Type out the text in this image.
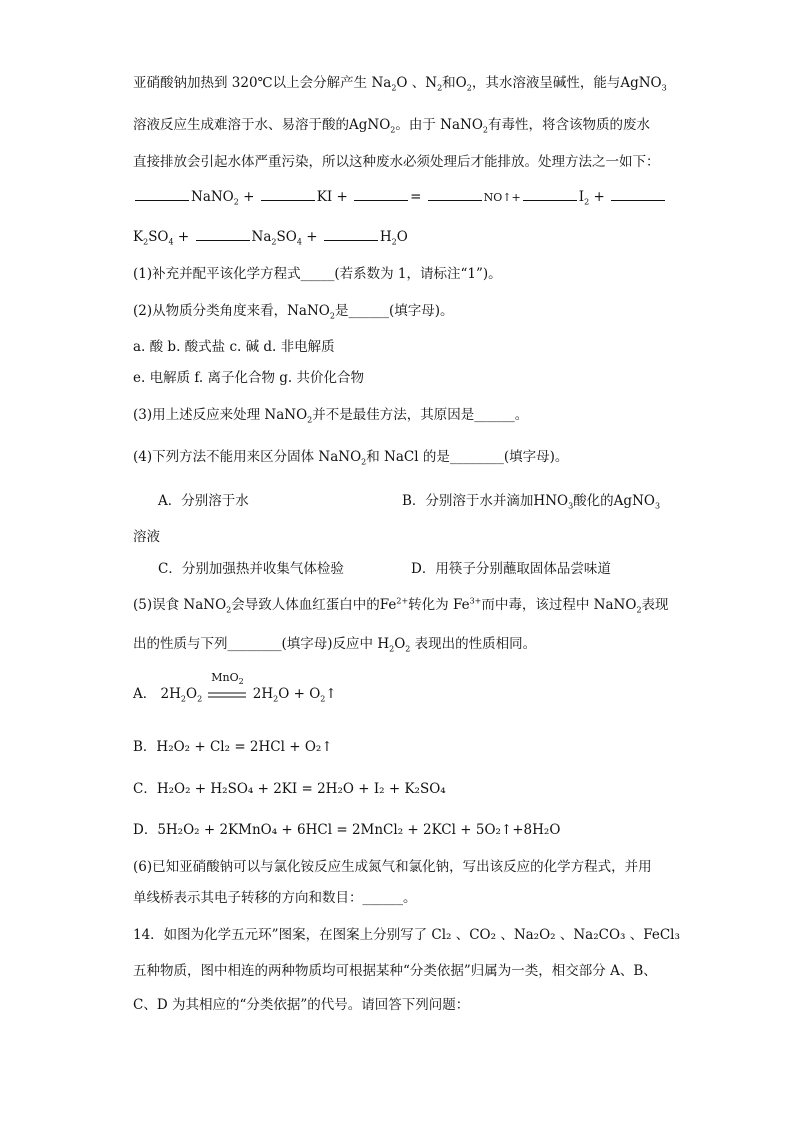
亚硝酸钠加热到 320℃以上会分解产生 $Na_2O$ 、$N_2$和$O_2$，其水溶液呈碱性，能与AgNO$_3$
溶液反应生成难溶于水、易溶于酸的AgNO$_2$。由于 NaNO$_2$有毒性，将含该物质的废水
直接排放会引起水体严重污染，所以这种废水必须处理后才能排放。处理方法之一如下：
NaNO$_2$ +	KI +	=	NO↑+	$I_2$ +
$K_2SO_4$ +	$Na_2SO_4$ +	$H_2O$
(1)补充并配平该化学方程式_____(若系数为 1，请标注“1”)。
(2)从物质分类角度来看，NaNO$_2$是______(填字母)。
a. 酸 b. 酸式盐 c. 碱 d. 非电解质
e. 电解质 f. 离子化合物 g. 共价化合物
(3)用上述反应来处理 NaNO$_2$并不是最佳方法，其原因是______。
(4)下列方法不能用来区分固体 NaNO$_2$和 NaCl 的是________(填字母)。
A．分别溶于水	B．分别溶于水并滴加$HNO_3$酸化的AgNO$_3$
溶液
C．分别加强热并收集气体检验	D．用筷子分别蘸取固体品尝味道
(5)误食 NaNO$_2$会导致人体血红蛋白中的$Fe^{2+}$转化为 $Fe^{3+}$而中毒，该过程中 NaNO$_2$表现
出的性质与下列________(填字母)反应中 $H_2O_2$ 表现出的性质相同。
A． $2H_2O_2$
MnO$_2$
$2H_2O$ + $O_2↑$
B．H₂O₂ + Cl₂ = 2HCl + O₂↑
C．H₂O₂ + H₂SO₄ + 2KI = 2H₂O + I₂ + K₂SO₄
D．5H₂O₂ + 2KMnO₄ + 6HCl = 2MnCl₂ + 2KCl + 5O₂↑+8H₂O
(6)已知亚硝酸钠可以与氯化铵反应生成氮气和氯化钠，写出该反应的化学方程式，并用
单线桥表示其电子转移的方向和数目：______。
14．如图为化学五元环”图案，在图案上分别写了 Cl₂ 、CO₂ 、Na₂O₂ 、Na₂CO₃ 、FeCl₃
五种物质，图中相连的两种物质均可根据某种“分类依据”归属为一类，相交部分 A、B、
C、D 为其相应的“分类依据”的代号。请回答下列问题：
